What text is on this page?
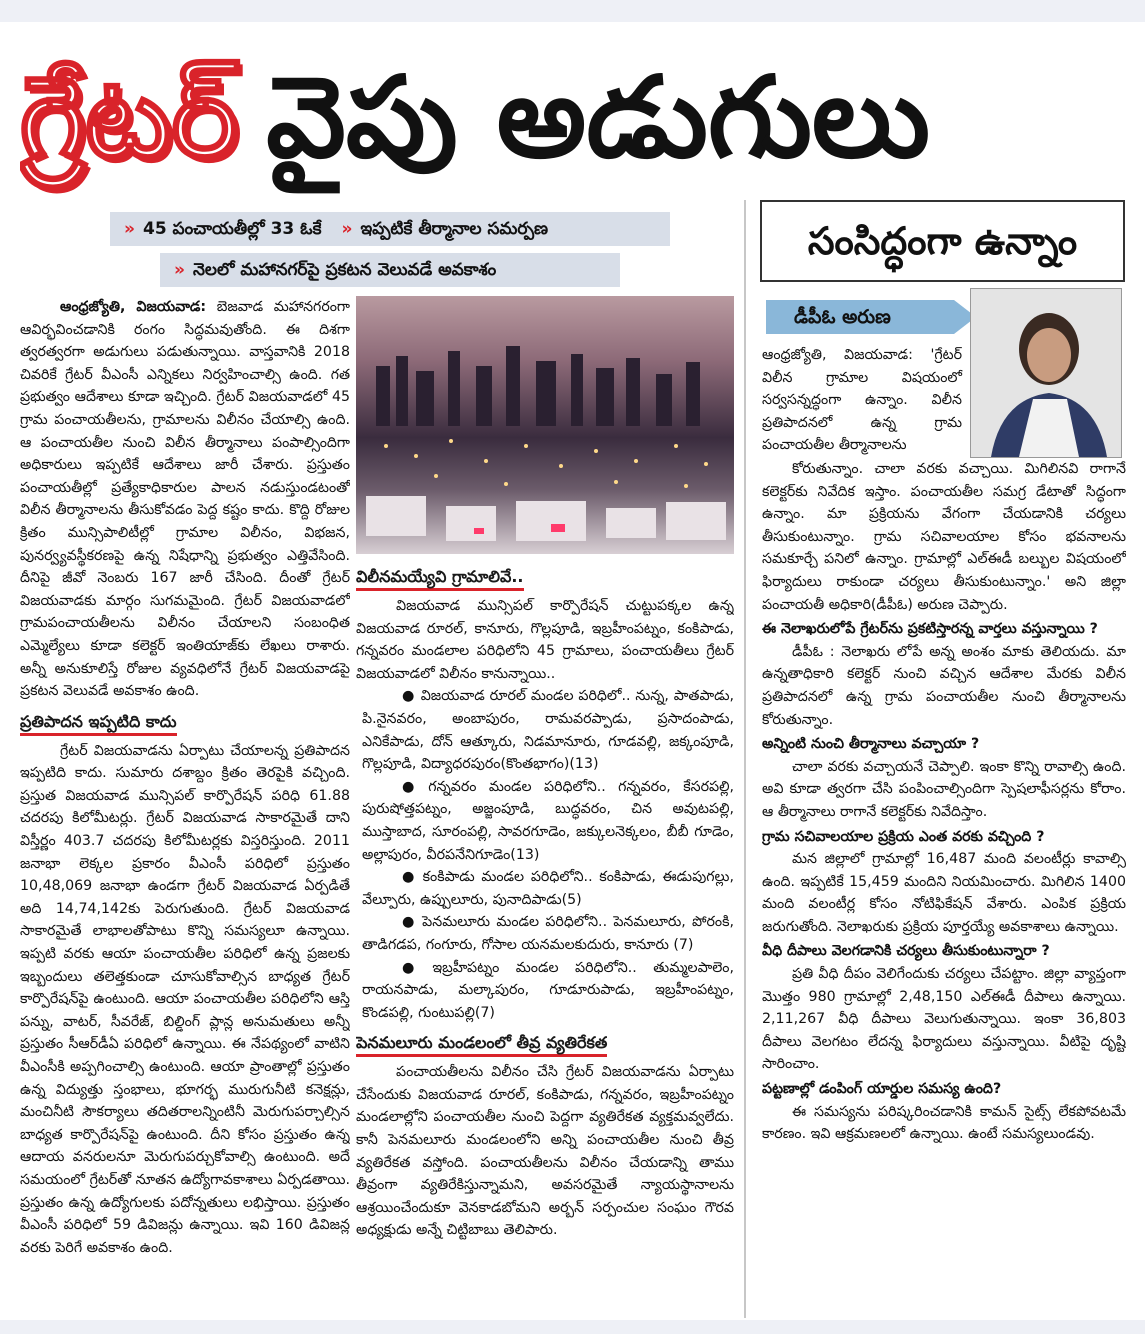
గ్రేటర్ వైపు అడుగులు
» 45 పంచాయతీల్లో 33 ఓకే » ఇప్పటికే తీర్మానాల సమర్పణ
» నెలలో మహానగర్‌పై ప్రకటన వెలువడే అవకాశం

ఆంధ్రజ్యోతి, విజయవాడ: బెజవాడ మహానగరంగా ఆవిర్భవించడానికి రంగం సిద్ధమవుతోంది. ఈ దిశగా త్వరత్వరగా అడుగులు పడుతున్నాయి. వాస్తవానికి 2018 చివరికే గ్రేటర్ వీఎంసీ ఎన్నికలు నిర్వహించాల్సి ఉంది. గత ప్రభుత్వం ఆదేశాలు కూడా ఇచ్చింది. గ్రేటర్ విజయవాడలో 45 గ్రామ పంచాయతీలను, గ్రామాలను విలీనం చేయాల్సి ఉంది. ఆ పంచాయతీల నుంచి విలీన తీర్మానాలు పంపాల్సిందిగా అధికారులు ఇప్పటికే ఆదేశాలు జారీ చేశారు. ప్రస్తుతం పంచాయతీల్లో ప్రత్యేకాధికారుల పాలన నడుస్తుండటంతో విలీన తీర్మానాలను తీసుకోవడం పెద్ద కష్టం కాదు. కొద్ది రోజుల క్రితం మున్సిపాలిటీల్లో గ్రామాల విలీనం, విభజన, పునర్వ్యవస్థీకరణపై ఉన్న నిషేధాన్ని ప్రభుత్వం ఎత్తివేసింది. దీనిపై జీవో నెంబరు 167 జారీ చేసింది. దీంతో గ్రేటర్ విజయవాడకు మార్గం సుగమమైంది. గ్రేటర్ విజయవాడలో గ్రామపంచాయతీలను విలీనం చేయాలని సంబంధిత ఎమ్మెల్యేలు కూడా కలెక్టర్ ఇంతియాజ్‌కు లేఖలు రాశారు. అన్నీ అనుకూలిస్తే రోజుల వ్యవధిలోనే గ్రేటర్ విజయవాడపై ప్రకటన వెలువడే అవకాశం ఉంది.

ప్రతిపాదన ఇప్పటిది కాదు

గ్రేటర్ విజయవాడను ఏర్పాటు చేయాలన్న ప్రతిపాదన ఇప్పటిది కాదు. సుమారు దశాబ్దం క్రితం తెరపైకి వచ్చింది. ప్రస్తుత విజయవాడ మున్సిపల్ కార్పొరేషన్ పరిధి 61.88 చదరపు కిలోమీటర్లు. గ్రేటర్ విజయవాడ సాకారమైతే దాని విస్తీర్ణం 403.7 చదరపు కిలోమీటర్లకు విస్తరిస్తుంది. 2011 జనాభా లెక్కల ప్రకారం వీఎంసీ పరిధిలో ప్రస్తుతం 10,48,069 జనాభా ఉండగా గ్రేటర్ విజయవాడ ఏర్పడితే అది 14,74,142కు పెరుగుతుంది. గ్రేటర్ విజయవాడ సాకారమైతే లాభాలతోపాటు కొన్ని సమస్యలూ ఉన్నాయి. ఇప్పటి వరకు ఆయా పంచాయతీల పరిధిలో ఉన్న ప్రజలకు ఇబ్బందులు తలెత్తకుండా చూసుకోవాల్సిన బాధ్యత గ్రేటర్ కార్పొరేషన్‌పై ఉంటుంది. ఆయా పంచాయతీల పరిధిలోని ఆస్తి పన్ను, వాటర్, సీవరేజ్, బిల్డింగ్ ప్లాన్ల అనుమతులు అన్నీ ప్రస్తుతం సీఆర్‌డీఏ పరిధిలో ఉన్నాయి. ఈ నేపథ్యంలో వాటిని వీఎంసీకి అప్పగించాల్సి ఉంటుంది. ఆయా ప్రాంతాల్లో ప్రస్తుతం ఉన్న విద్యుత్తు స్తంభాలు, భూగర్భ మురుగునీటి కనెక్షన్లు, మంచినీటి సౌకర్యాలు తదితరాలన్నింటినీ మెరుగుపర్చాల్సిన బాధ్యత కార్పొరేషన్‌పై ఉంటుంది. దీని కోసం ప్రస్తుతం ఉన్న ఆదాయ వనరులనూ మెరుగుపర్చుకోవాల్సి ఉంటుంది. అదే సమయంలో గ్రేటర్‌తో నూతన ఉద్యోగావకాశాలు ఏర్పడతాయి. ప్రస్తుతం ఉన్న ఉద్యోగులకు పదోన్నతులు లభిస్తాయి. ప్రస్తుతం వీఎంసీ పరిధిలో 59 డివిజన్లు ఉన్నాయి. ఇవి 160 డివిజన్ల వరకు పెరిగే అవకాశం ఉంది.

విలీనమయ్యేవి గ్రామాలివే..

విజయవాడ మున్సిపల్ కార్పొరేషన్ చుట్టుపక్కల ఉన్న విజయవాడ రూరల్, కానూరు, గొల్లపూడి, ఇబ్రహీంపట్నం, కంకిపాడు, గన్నవరం మండలాల పరిధిలోని 45 గ్రామాలు, పంచాయతీలు గ్రేటర్ విజయవాడలో విలీనం కానున్నాయి..

● విజయవాడ రూరల్ మండల పరిధిలో.. నున్న, పాతపాడు, పి.నైనవరం, అంబాపురం, రామవరప్పాడు, ప్రసాదంపాడు, ఎనికేపాడు, దోన్ ఆత్కూరు, నిడమానూరు, గూడవల్లి, జక్కంపూడి, గొల్లపూడి, విద్యాధరపురం(కొంతభాగం)(13)

● గన్నవరం మండల పరిధిలోని.. గన్నవరం, కేసరపల్లి, పురుషోత్తపట్నం, అజ్జంపూడి, బుద్ధవరం, చిన అవుటపల్లి, ముస్తాబాద, సూరంపల్లి, సావరగూడెం, జక్కులనెక్కలం, బీబీ గూడెం, అల్లాపురం, వీరపనేనిగూడెం(13)

● కంకిపాడు మండల పరిధిలోని.. కంకిపాడు, ఈడుపుగల్లు, వేల్పూరు, ఉప్పులూరు, పునాదిపాడు(5)

● పెనమలూరు మండల పరిధిలోని.. పెనమలూరు, పోరంకి, తాడిగడప, గంగూరు, గోసాల యనమలకుదురు, కానూరు (7)

● ఇబ్రహీపట్నం మండల పరిధిలోని.. తుమ్మలపాలెం, రాయనపాడు, మల్కాపురం, గూడూరుపాడు, ఇబ్రహీంపట్నం, కొండపల్లి, గుంటుపల్లి(7)

పెనమలూరు మండలంలో తీవ్ర వ్యతిరేకత

పంచాయతీలను విలీనం చేసి గ్రేటర్ విజయవాడను ఏర్పాటు చేసేందుకు విజయవాడ రూరల్, కంకిపాడు, గన్నవరం, ఇబ్రహీంపట్నం మండలాల్లోని పంచాయతీల నుంచి పెద్దగా వ్యతిరేకత వ్యక్తమవ్వలేదు. కానీ పెనమలూరు మండలంలోని అన్ని పంచాయతీల నుంచి తీవ్ర వ్యతిరేకత వస్తోంది. పంచాయతీలను విలీనం చేయడాన్ని తాము తీవ్రంగా వ్యతిరేకిస్తున్నామని, అవసరమైతే న్యాయస్థానాలను ఆశ్రయించేందుకూ వెనకాడబోమని అర్బన్ సర్పంచుల సంఘం గౌరవ అధ్యక్షుడు అన్నే చిట్టిబాబు తెలిపారు.

సంసిద్ధంగా ఉన్నాం
డీపీఓ అరుణ

ఆంధ్రజ్యోతి, విజయవాడ: 'గ్రేటర్ విలీన గ్రామాల విషయంలో సర్వసన్నద్ధంగా ఉన్నాం. విలీన ప్రతిపాదనలో ఉన్న గ్రామ పంచాయతీల తీర్మానాలను

కోరుతున్నాం. చాలా వరకు వచ్చాయి. మిగిలినవి రాగానే కలెక్టర్‌కు నివేదిక ఇస్తాం. పంచాయతీల సమగ్ర డేటాతో సిద్ధంగా ఉన్నాం. మా ప్రక్రియను వేగంగా చేయడానికి చర్యలు తీసుకుంటున్నాం. గ్రామ సచివాలయాల కోసం భవనాలను సమకూర్చే పనిలో ఉన్నాం. గ్రామాల్లో ఎల్‌ఈడీ బల్బుల విషయంలో ఫిర్యాదులు రాకుండా చర్యలు తీసుకుంటున్నాం.' అని జిల్లా పంచాయతీ అధికారి(డీపీఓ) అరుణ చెప్పారు.

ఈ నెలాఖరులోపే గ్రేటర్‌ను ప్రకటిస్తారన్న వార్తలు వస్తున్నాయి ?

డీపీఓ : నెలాఖరు లోపే అన్న అంశం మాకు తెలియదు. మా ఉన్నతాధికారి కలెక్టర్ నుంచి వచ్చిన ఆదేశాల మేరకు విలీన ప్రతిపాదనలో ఉన్న గ్రామ పంచాయతీల నుంచి తీర్మానాలను కోరుతున్నాం.

అన్నింటి నుంచి తీర్మానాలు వచ్చాయా ?

చాలా వరకు వచ్చాయనే చెప్పాలి. ఇంకా కొన్ని రావాల్సి ఉంది. అవి కూడా త్వరగా చేసి పంపించాల్సిందిగా స్పెషలాఫీసర్లను కోరాం. ఆ తీర్మానాలు రాగానే కలెక్టర్‌కు నివేదిస్తాం.

గ్రామ సచివాలయాల ప్రక్రియ ఎంత వరకు వచ్చింది ?

మన జిల్లాలో గ్రామాల్లో 16,487 మంది వలంటీర్లు కావాల్సి ఉంది. ఇప్పటికే 15,459 మందిని నియమించారు. మిగిలిన 1400 మంది వలంటీర్ల కోసం నోటిఫికేషన్ వేశారు. ఎంపిక ప్రక్రియ జరుగుతోంది. నెలాఖరుకు ప్రక్రియ పూర్తయ్యే అవకాశాలు ఉన్నాయి.

వీధి దీపాలు వెలగడానికి చర్యలు తీసుకుంటున్నారా ?

ప్రతి వీధి దీపం వెలిగేందుకు చర్యలు చేపట్టాం. జిల్లా వ్యాప్తంగా మొత్తం 980 గ్రామాల్లో 2,48,150 ఎల్‌ఈడీ దీపాలు ఉన్నాయి. 2,11,267 వీధి దీపాలు వెలుగుతున్నాయి. ఇంకా 36,803 దీపాలు వెలగటం లేదన్న ఫిర్యాదులు వస్తున్నాయి. వీటిపై దృష్టి సారించాం.

పట్టణాల్లో డంపింగ్ యార్డుల సమస్య ఉంది?

ఈ సమస్యను పరిష్కరించడానికి కామన్ సైట్స్ లేకపోవటమే కారణం. ఇవి ఆక్రమణలలో ఉన్నాయి. ఉంటే సమస్యలుండవు.
